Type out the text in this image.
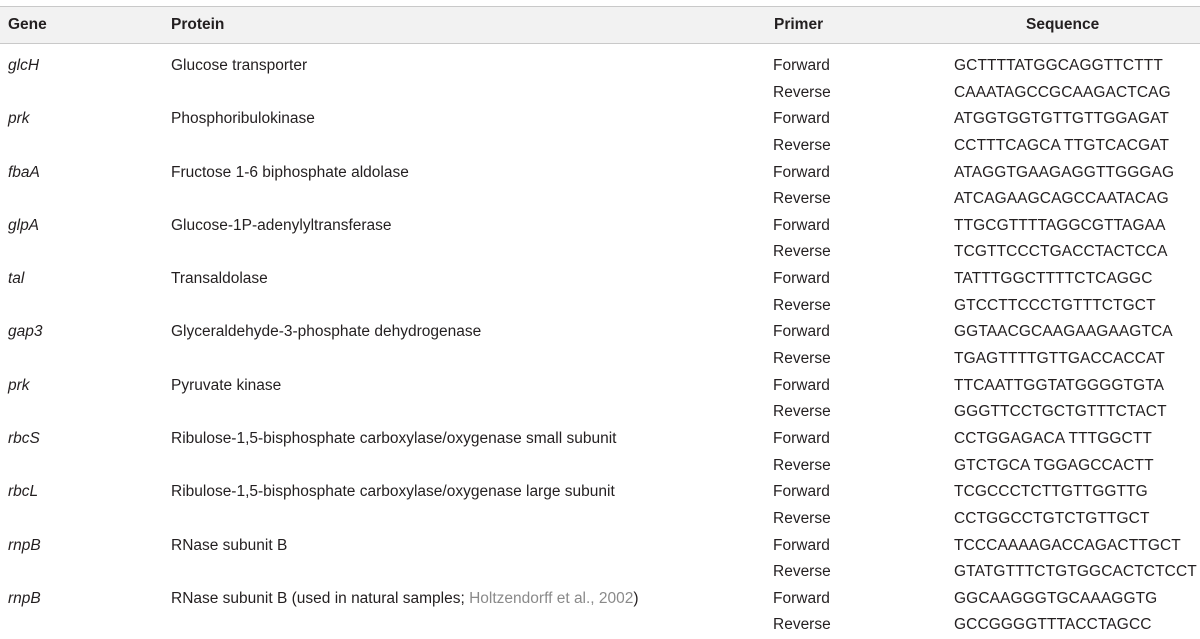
Gene	Protein	Primer	Sequence
glcH	Glucose transporter	Forward	GCTTTTATGGCAGGTTCTTT
Reverse	CAAATAGCCGCAAGACTCAG
prk	Phosphoribulokinase	Forward	ATGGTGGTGTTGTTGGAGAT
Reverse	CCTTTCAGCA TTGTCACGAT
fbaA	Fructose 1-6 biphosphate aldolase	Forward	ATAGGTGAAGAGGTTGGGAG
Reverse	ATCAGAAGCAGCCAATACAG
glpA	Glucose-1P-adenylyltransferase	Forward	TTGCGTTTTAGGCGTTAGAA
Reverse	TCGTTCCCTGACCTACTCCA
tal	Transaldolase	Forward	TATTTGGCTTTTCTCAGGC
Reverse	GTCCTTCCCTGTTTCTGCT
gap3	Glyceraldehyde-3-phosphate dehydrogenase	Forward	GGTAACGCAAGAAGAAGTCA
Reverse	TGAGTTTTGTTGACCACCAT
prk	Pyruvate kinase	Forward	TTCAATTGGTATGGGGTGTA
Reverse	GGGTTCCTGCTGTTTCTACT
rbcS	Ribulose-1,5-bisphosphate carboxylase/oxygenase small subunit	Forward	CCTGGAGACA TTTGGCTT
Reverse	GTCTGCA TGGAGCCACTT
rbcL	Ribulose-1,5-bisphosphate carboxylase/oxygenase large subunit	Forward	TCGCCCTCTTGTTGGTTG
Reverse	CCTGGCCTGTCTGTTGCT
rnpB	RNase subunit B	Forward	TCCCAAAAGACCAGACTTGCT
Reverse	GTATGTTTCTGTGGCACTCTCCT
rnpB	RNase subunit B (used in natural samples; Holtzendorff et al., 2002)	Forward	GGCAAGGGTGCAAAGGTG
Reverse	GCCGGGGTTTACCTAGCC
